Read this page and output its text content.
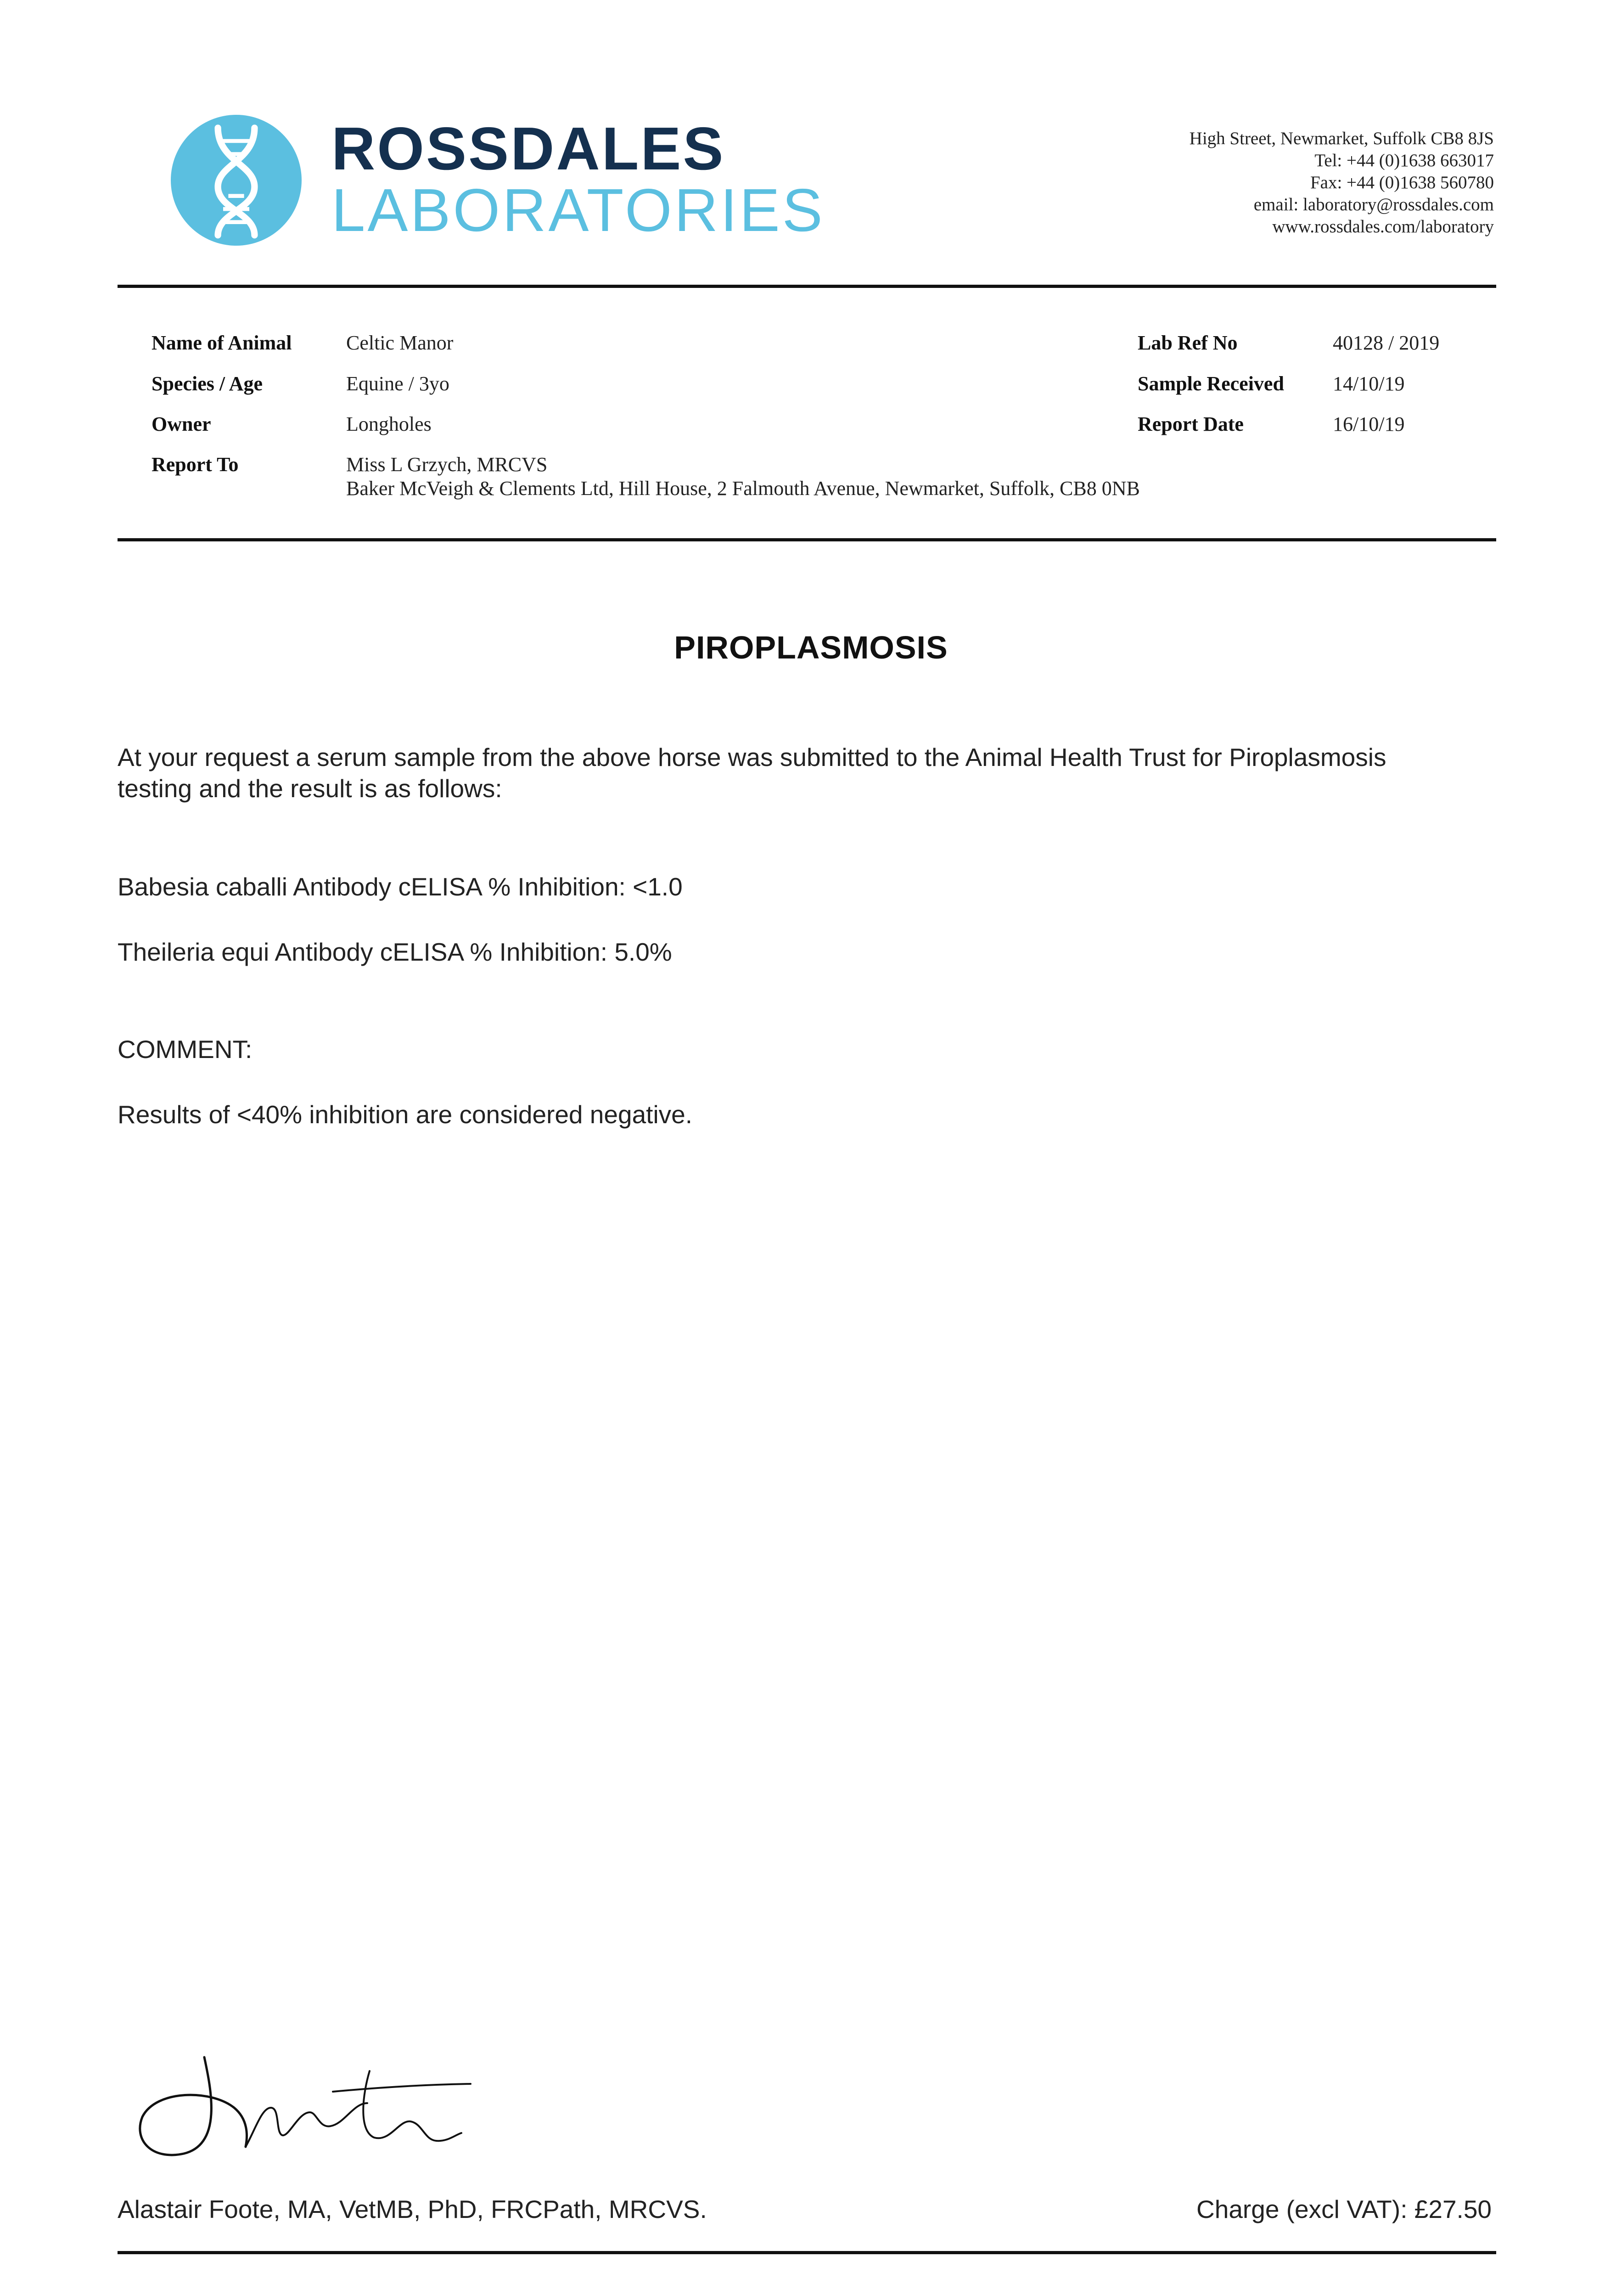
ROSSDALES
LABORATORIES
High Street, Newmarket, Suffolk CB8 8JS
Tel: +44 (0)1638 663017
Fax: +44 (0)1638 560780
email: laboratory@rossdales.com
www.rossdales.com/laboratory
Name of Animal	Celtic Manor
Species / Age	Equine / 3yo
Owner	Longholes
Report To	Miss L Grzych, MRCVS
Baker McVeigh & Clements Ltd, Hill House, 2 Falmouth Avenue, Newmarket, Suffolk, CB8 0NB
Lab Ref No	40128 / 2019
Sample Received 14/10/19
Report Date	16/10/19
PIROPLASMOSIS
At your request a serum sample from the above horse was submitted to the Animal Health Trust for Piroplasmosis
testing and the result is as follows:
Babesia caballi Antibody cELISA % Inhibition: <1.0
Theileria equi Antibody cELISA % Inhibition: 5.0%
COMMENT:
Results of <40% inhibition are considered negative.
Alastair Foote, MA, VetMB, PhD, FRCPath, MRCVS.	Charge (excl VAT): £27.50
